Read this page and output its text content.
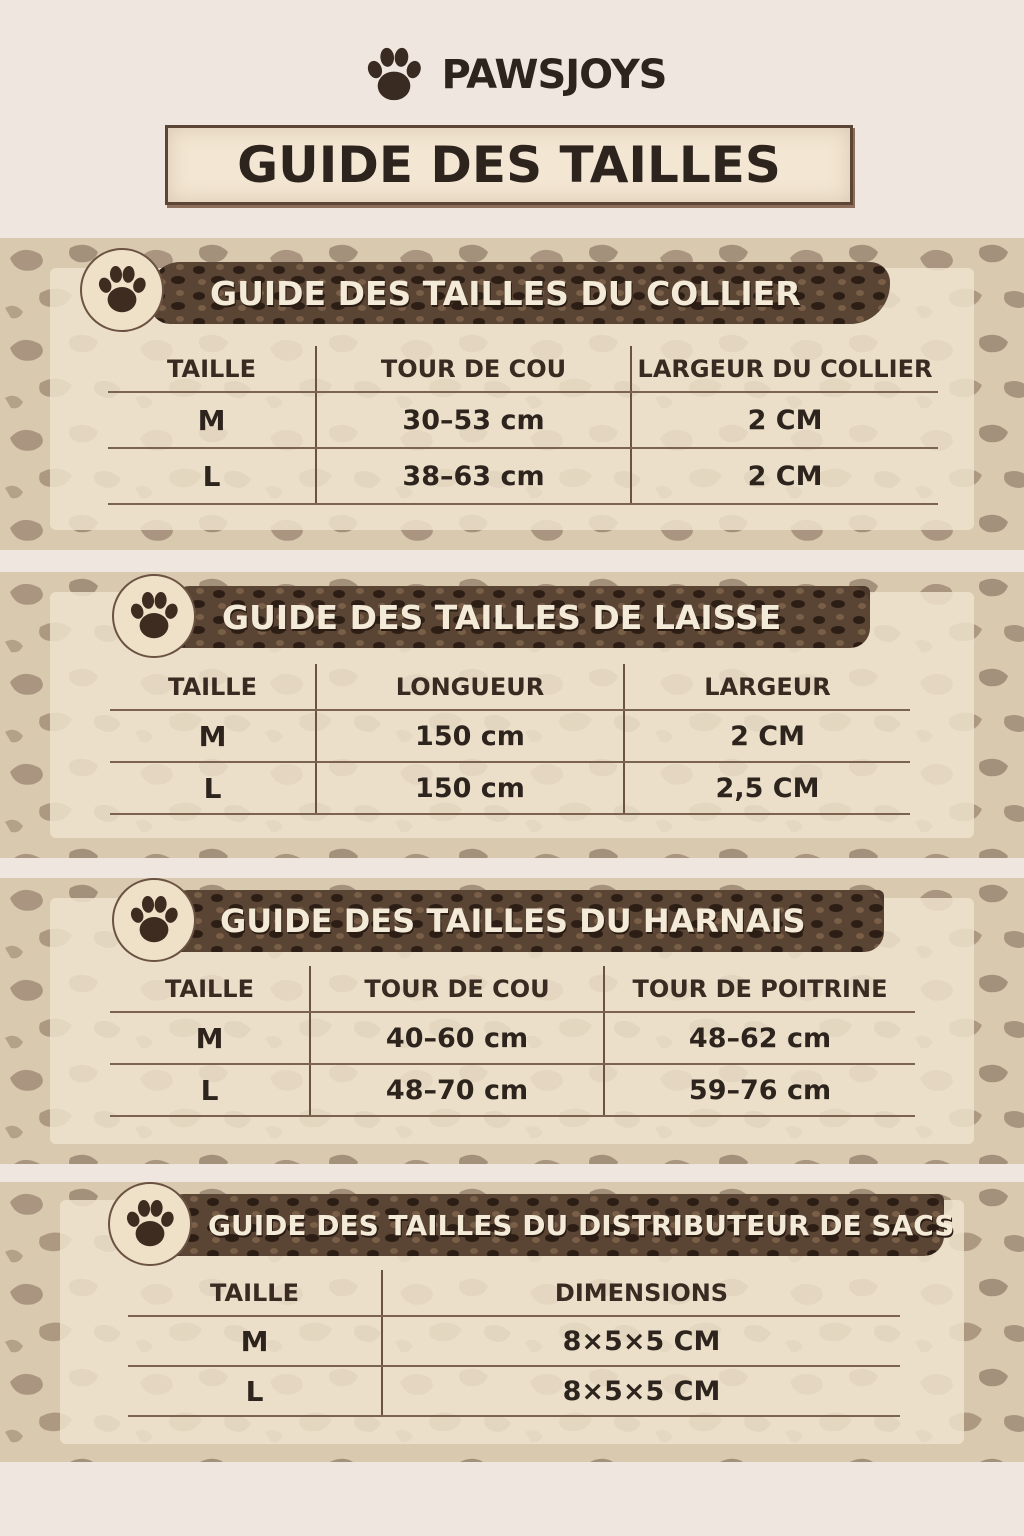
PAWSJOYS
GUIDE DES TAILLES
GUIDE DES TAILLES DU COLLIER
TAILLE	TOUR DE COU	LARGEUR DU COLLIER
M	30–53 cm	2 CM
L	38–63 cm	2 CM
GUIDE DES TAILLES DE LAISSE
TAILLE	LONGUEUR	LARGEUR
M	150 cm	2 CM
L	150 cm	2,5 CM
GUIDE DES TAILLES DU HARNAIS
TAILLE	TOUR DE COU	TOUR DE POITRINE
M	40–60 cm	48–62 cm
L	48–70 cm	59–76 cm
GUIDE DES TAILLES DU DISTRIBUTEUR DE SACS
TAILLE	DIMENSIONS
M	8×5×5 CM
L	8×5×5 CM
